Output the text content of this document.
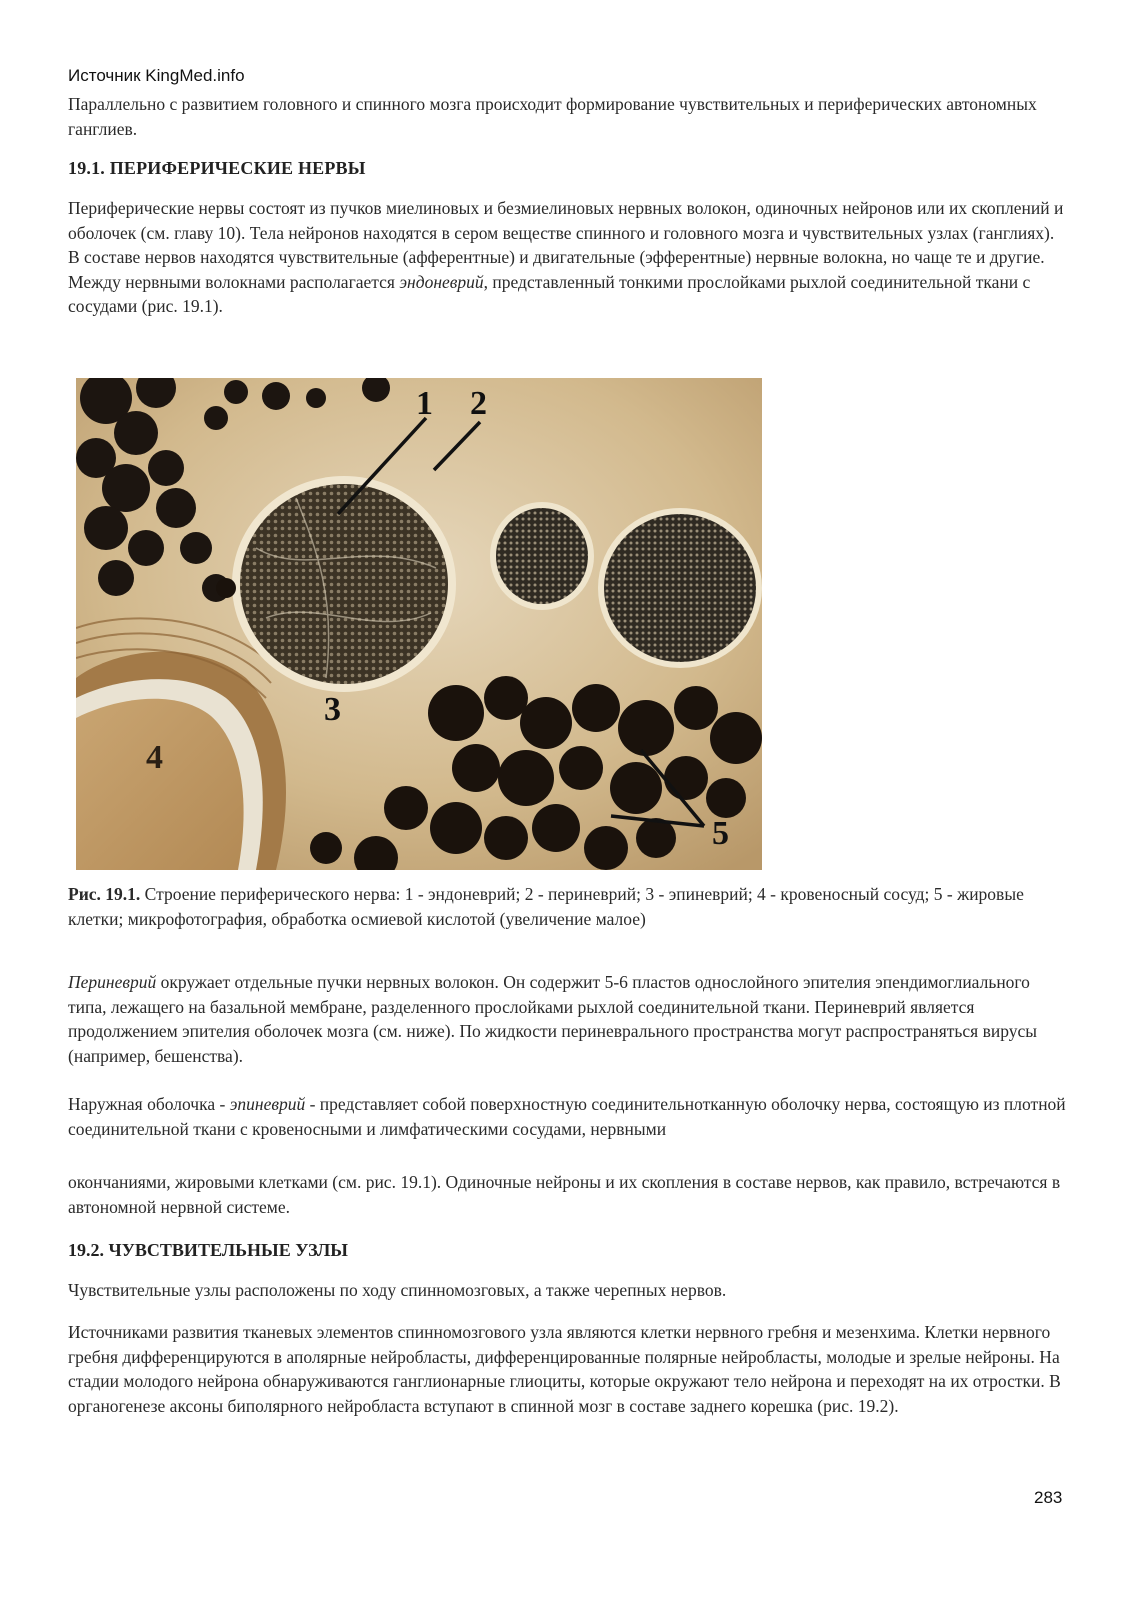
Источник KingMed.info

Параллельно с развитием головного и спинного мозга происходит формирование чувствительных и периферических автономных ганглиев.

19.1. ПЕРИФЕРИЧЕСКИЕ НЕРВЫ

Периферические нервы состоят из пучков миелиновых и безмиелиновых нервных волокон, одиночных нейронов или их скоплений и оболочек (см. главу 10). Тела нейронов находятся в сером веществе спинного и головного мозга и чувствительных узлах (ганглиях). В составе нервов находятся чувствительные (афферентные) и двигательные (эфферентные) нервные волокна, но чаще те и другие. Между нервными волокнами располагается эндоневрий, представленный тонкими прослойками рыхлой соединительной ткани с сосудами (рис. 19.1).

1 2
3
4
5

Рис. 19.1. Строение периферического нерва: 1 - эндоневрий; 2 - периневрий; 3 - эпиневрий; 4 - кровеносный сосуд; 5 - жировые клетки; микрофотография, обработка осмиевой кислотой (увеличение малое)

Периневрий окружает отдельные пучки нервных волокон. Он содержит 5-6 пластов однослойного эпителия эпендимоглиального типа, лежащего на базальной мембране, разделенного прослойками рыхлой соединительной ткани. Периневрий является продолжением эпителия оболочек мозга (см. ниже). По жидкости периневрального пространства могут распространяться вирусы (например, бешенства).

Наружная оболочка - эпиневрий - представляет собой поверхностную соединительнотканную оболочку нерва, состоящую из плотной соединительной ткани с кровеносными и лимфатическими сосудами, нервными

окончаниями, жировыми клетками (см. рис. 19.1). Одиночные нейроны и их скопления в составе нервов, как правило, встречаются в автономной нервной системе.

19.2. ЧУВСТВИТЕЛЬНЫЕ УЗЛЫ

Чувствительные узлы расположены по ходу спинномозговых, а также черепных нервов.

Источниками развития тканевых элементов спинномозгового узла являются клетки нервного гребня и мезенхима. Клетки нервного гребня дифференцируются в аполярные нейробласты, дифференцированные полярные нейробласты, молодые и зрелые нейроны. На стадии молодого нейрона обнаруживаются ганглионарные глиоциты, которые окружают тело нейрона и переходят на их отростки. В органогенезе аксоны биполярного нейробласта вступают в спинной мозг в составе заднего корешка (рис. 19.2).

283
